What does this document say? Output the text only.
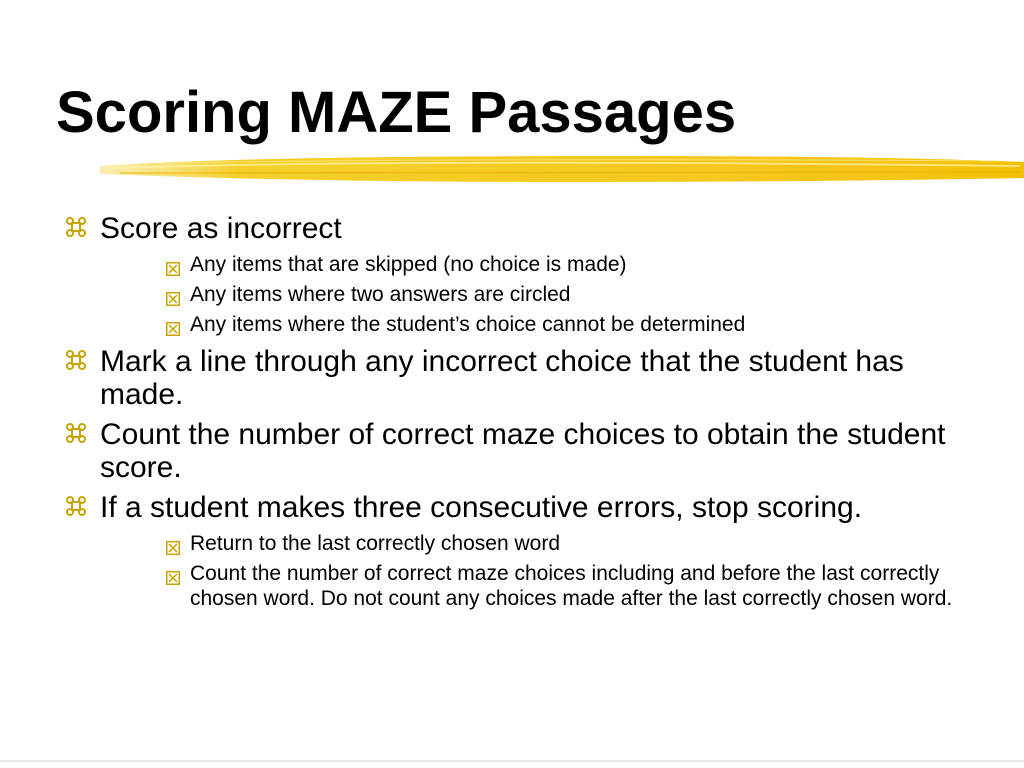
Scoring MAZE Passages
Score as incorrect
Any items that are skipped (no choice is made)
Any items where two answers are circled
Any items where the student’s choice cannot be determined
Mark a line through any incorrect choice that the student has made.
Count the number of correct maze choices to obtain the student score.
If a student makes three consecutive errors, stop scoring.
Return to the last correctly chosen word
Count the number of correct maze choices including and before the last correctly chosen word. Do not count any choices made after the last correctly chosen word.
